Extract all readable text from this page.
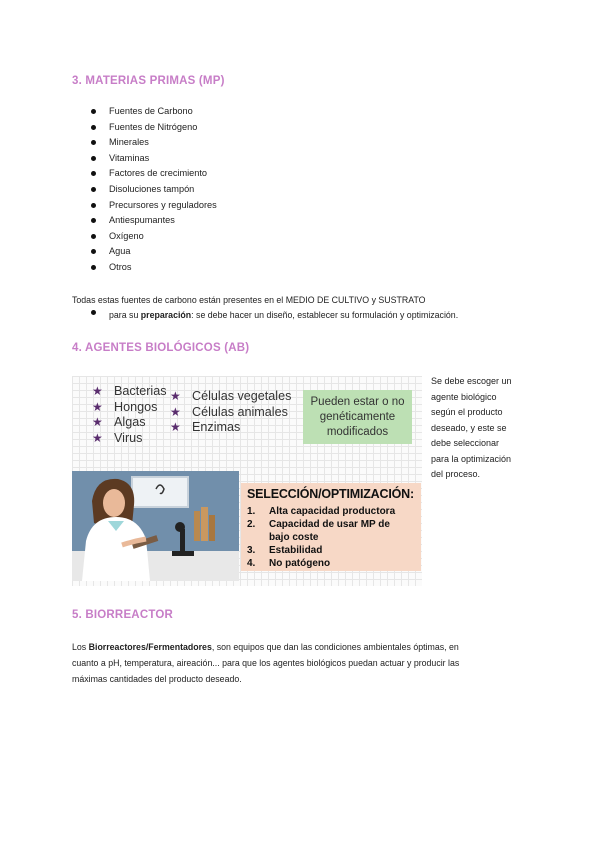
3. MATERIAS PRIMAS (MP)
Fuentes de Carbono
Fuentes de Nitrógeno
Minerales
Vitaminas
Factores de crecimiento
Disoluciones tampón
Precursores y reguladores
Antiespumantes
Oxígeno
Agua
Otros
Todas estas fuentes de carbono están presentes en el MEDIO DE CULTIVO y SUSTRATO
para su preparación: se debe hacer un diseño, establecer su formulación y optimización.
4. AGENTES BIOLÓGICOS (AB)
★ Bacterias
★ Hongos
★ Algas
★ Virus
★ Células vegetales
★ Células animales
★ Enzimas
Pueden estar o no
genéticamente
modificados
SELECCIÓN/OPTIMIZACIÓN:
1. Alta capacidad productora
2. Capacidad de usar MP de bajo coste
3. Estabilidad
4. No patógeno
Se debe escoger un
agente biológico
según el producto
deseado, y este se
debe seleccionar
para la optimización
del proceso.
5. BIORREACTOR
Los Biorreactores/Fermentadores, son equipos que dan las condiciones ambientales óptimas, en
cuanto a pH, temperatura, aireación... para que los agentes biológicos puedan actuar y producir las
máximas cantidades del producto deseado.
